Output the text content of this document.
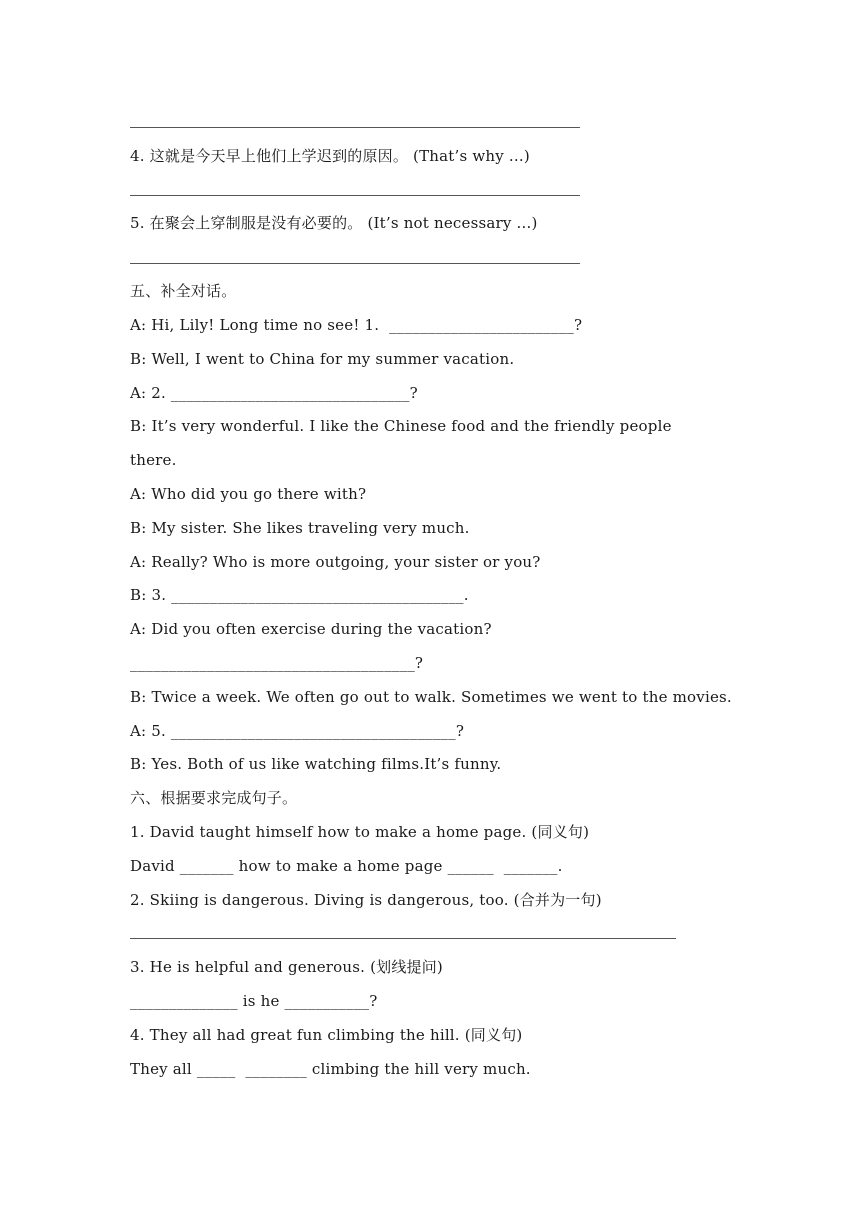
4. 这就是今天早上他们上学迟到的原因。 (That’s why ...)
5. 在聚会上穿制服是没有必要的。 (It’s not necessary ...)
五、补全对话。
A: Hi, Lily! Long time no see! 1.  ________________________?
B: Well, I went to China for my summer vacation.
A: 2. _______________________________?
B: It’s very wonderful. I like the Chinese food and the friendly people
there.
A: Who did you go there with?
B: My sister. She likes traveling very much.
A: Really? Who is more outgoing, your sister or you?
B: 3. ______________________________________.
A: Did you often exercise during the vacation?
_____________________________________?
B: Twice a week. We often go out to walk. Sometimes we went to the movies.
A: 5. _____________________________________?
B: Yes. Both of us like watching films.It’s funny.
六、根据要求完成句子。
1. David taught himself how to make a home page. (同义句)
David _______ how to make a home page ______  _______.
2. Skiing is dangerous. Diving is dangerous, too. (合并为一句)
3. He is helpful and generous. (划线提问)
______________ is he ___________?
4. They all had great fun climbing the hill. (同义句)
They all _____  ________ climbing the hill very much.
